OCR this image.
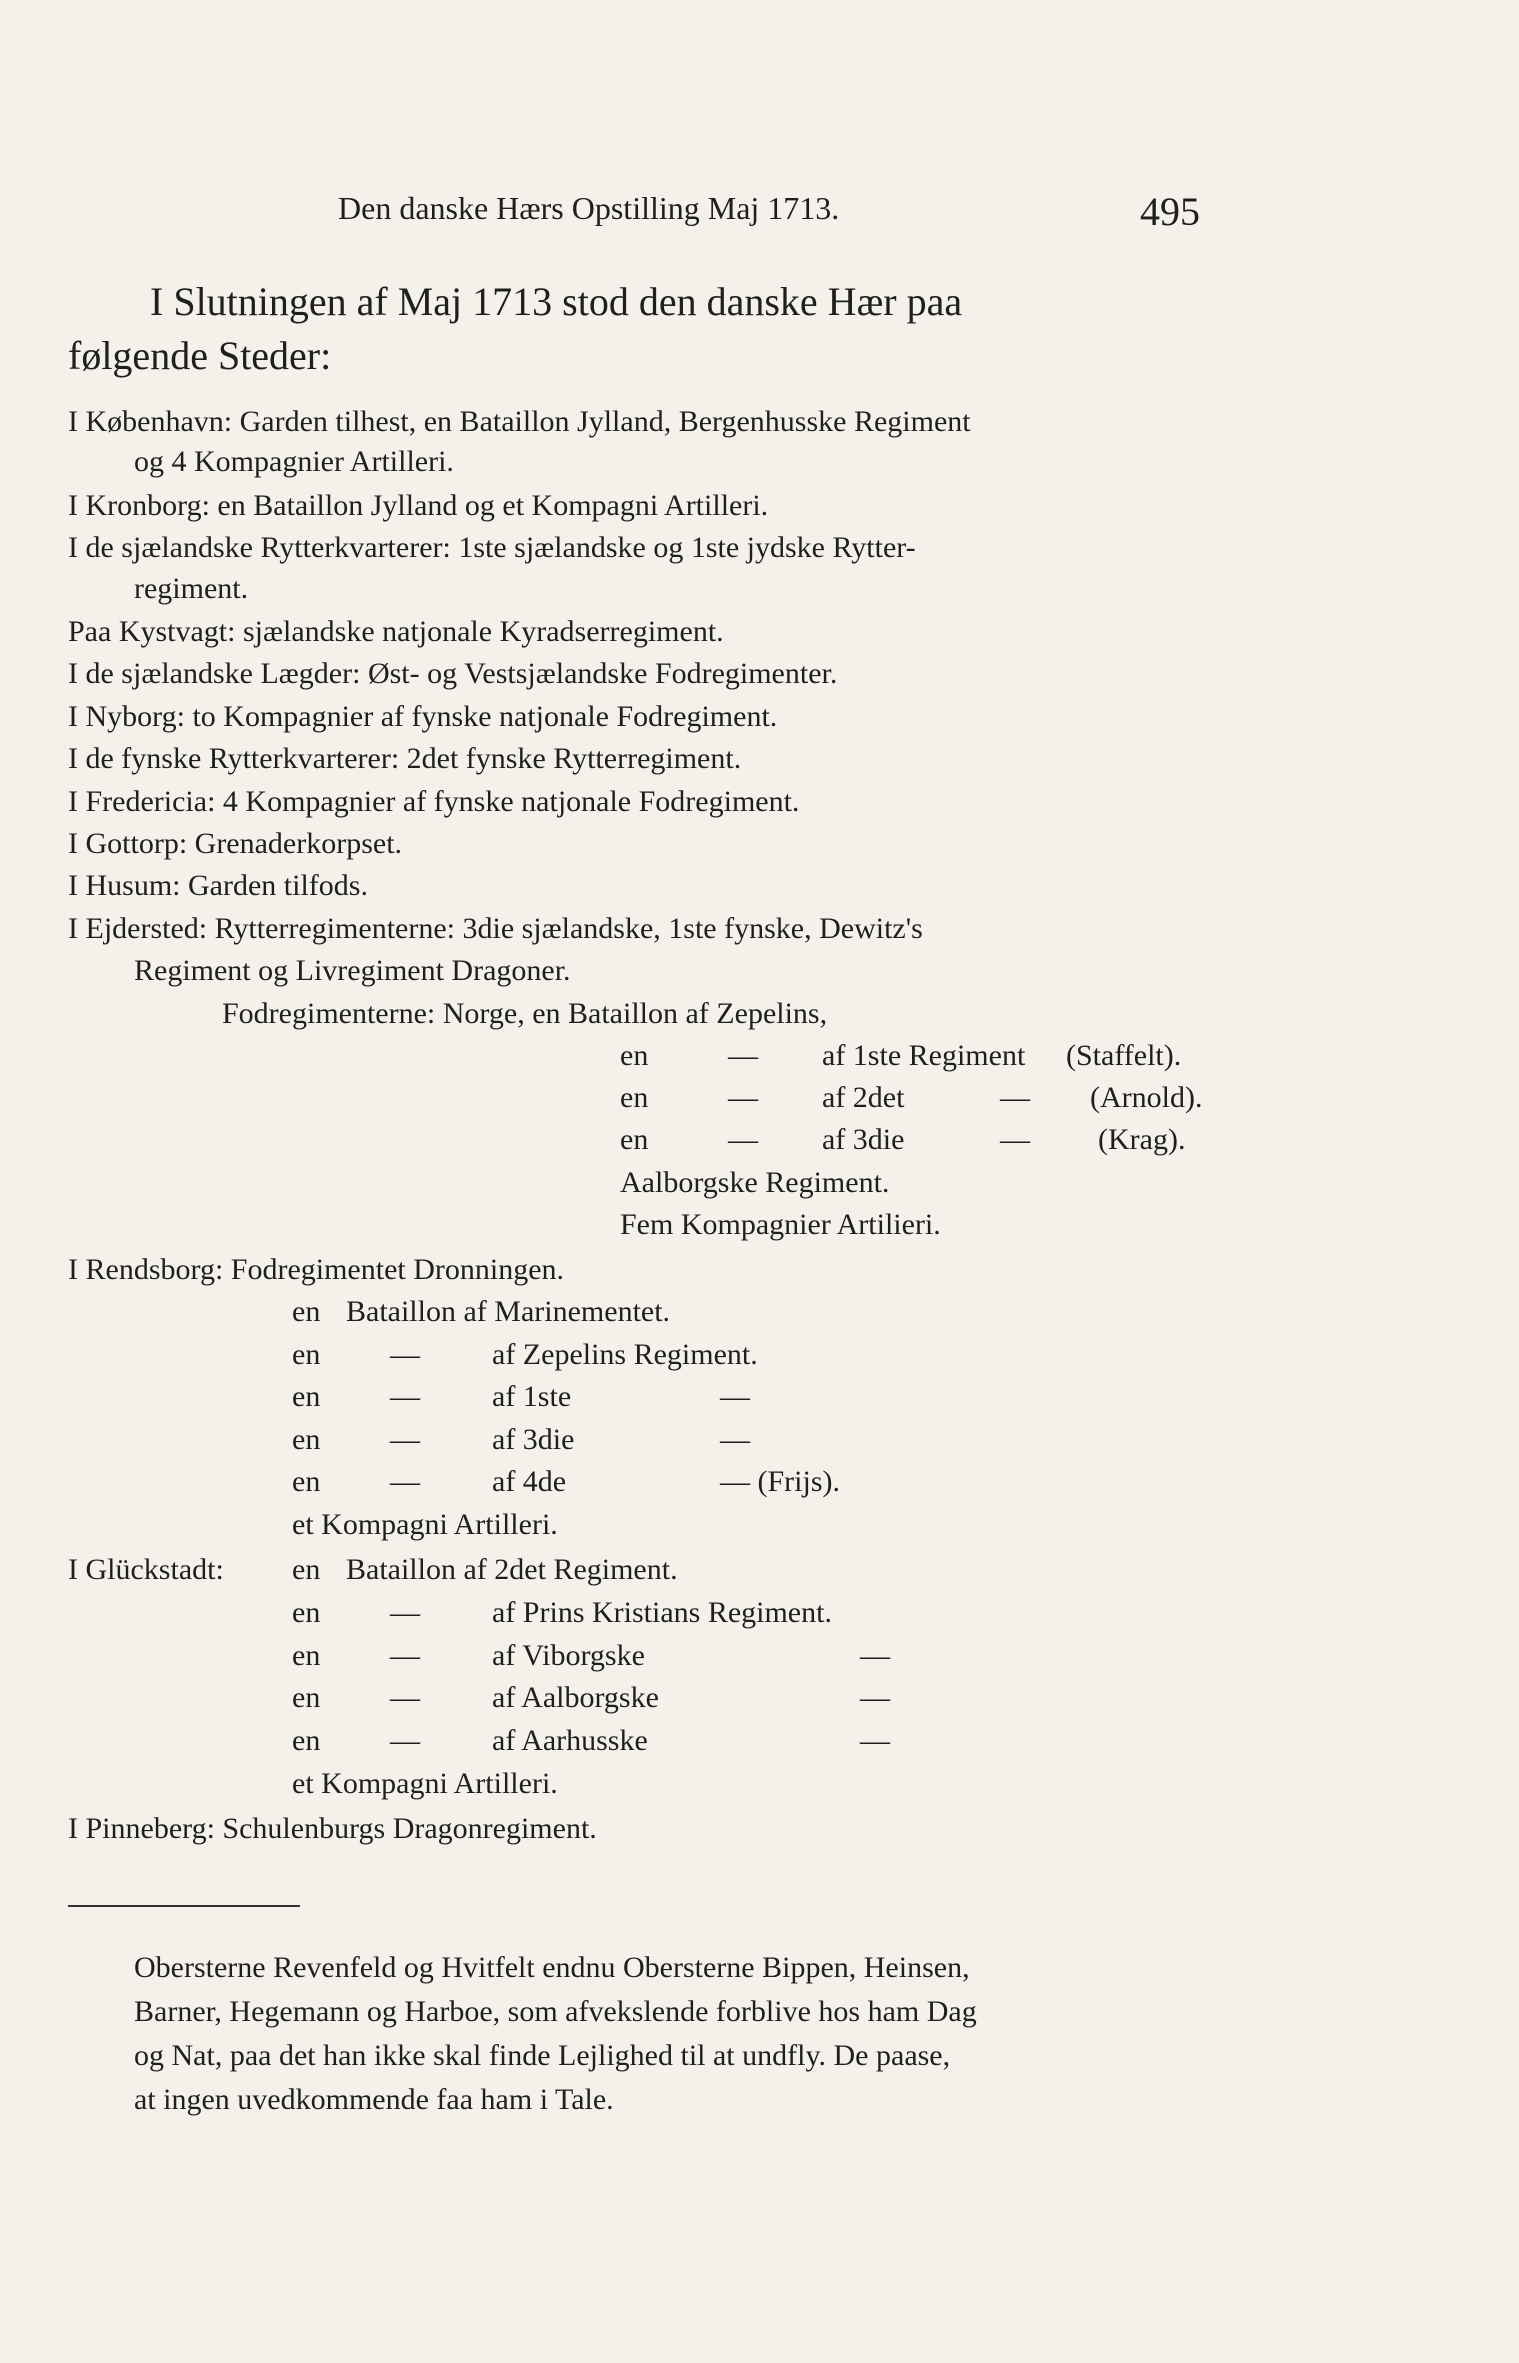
Den danske Hærs Opstilling Maj 1713.	495
I Slutningen af Maj 1713 stod den danske Hær paa
følgende Steder:
I København: Garden tilhest, en Bataillon Jylland, Bergenhusske Regiment
og 4 Kompagnier Artilleri.
I Kronborg: en Bataillon Jylland og et Kompagni Artilleri.
I de sjælandske Rytterkvarterer: 1ste sjælandske og 1ste jydske Rytter-
regiment.
Paa Kystvagt: sjælandske natjonale Kyradserregiment.
I de sjælandske Lægder: Øst- og Vestsjælandske Fodregimenter.
I Nyborg: to Kompagnier af fynske natjonale Fodregiment.
I de fynske Rytterkvarterer: 2det fynske Rytterregiment.
I Fredericia: 4 Kompagnier af fynske natjonale Fodregiment.
I Gottorp: Grenaderkorpset.
I Husum: Garden tilfods.
I Ejdersted: Rytterregimenterne: 3die sjælandske, 1ste fynske, Dewitz's
Regiment og Livregiment Dragoner.
Fodregimenterne: Norge, en Bataillon af Zepelins,
en	— af 1ste Regiment (Staffelt).
en	— af 2det	— (Arnold).
en	— af 3die	— (Krag).
Aalborgske Regiment.
Fem Kompagnier Artilieri.
I Rendsborg: Fodregimentet Dronningen.
en Bataillon af Marinementet.
en — af Zepelins Regiment.
en — af 1ste	—
en — af 3die	—
en — af 4de	— (Frijs).
et Kompagni Artilleri.
I Glückstadt: en Bataillon af 2det Regiment.
en — af Prins Kristians Regiment.
en — af Viborgske	—
en — af Aalborgske	—
en — af Aarhusske	—
et Kompagni Artilleri.
I Pinneberg: Schulenburgs Dragonregiment.
Obersterne Revenfeld og Hvitfelt endnu Obersterne Bippen, Heinsen,
Barner, Hegemann og Harboe, som afvekslende forblive hos ham Dag
og Nat, paa det han ikke skal finde Lejlighed til at undfly. De paase,
at ingen uvedkommende faa ham i Tale.
